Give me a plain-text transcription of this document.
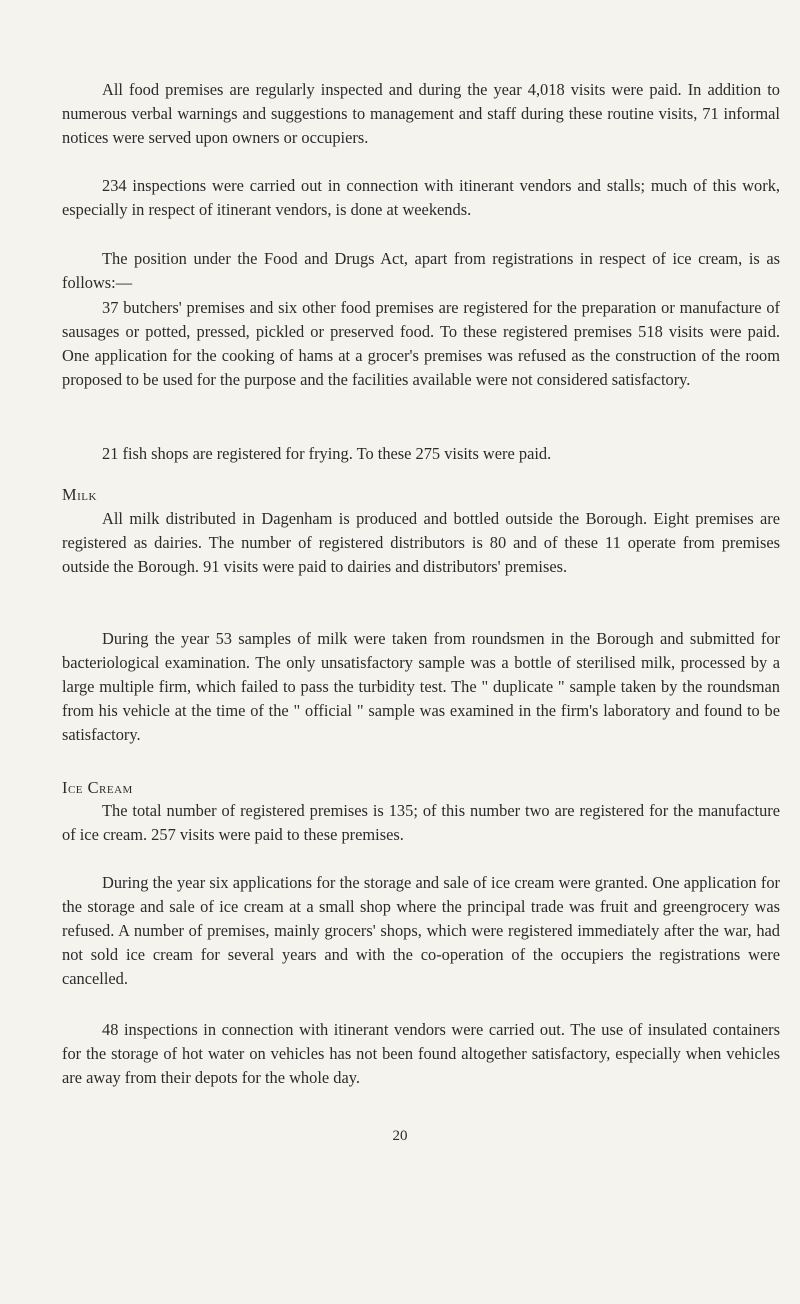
All food premises are regularly inspected and during the year 4,018 visits were paid. In addition to numerous verbal warnings and suggestions to management and staff during these routine visits, 71 informal notices were served upon owners or occupiers.

234 inspections were carried out in connection with itinerant vendors and stalls; much of this work, especially in respect of itinerant vendors, is done at weekends.

The position under the Food and Drugs Act, apart from registrations in respect of ice cream, is as follows:—

37 butchers' premises and six other food premises are registered for the preparation or manufacture of sausages or potted, pressed, pickled or preserved food. To these registered premises 518 visits were paid. One application for the cooking of hams at a grocer's premises was refused as the construction of the room proposed to be used for the purpose and the facilities available were not considered satisfactory.

21 fish shops are registered for frying. To these 275 visits were paid.

Milk

All milk distributed in Dagenham is produced and bottled outside the Borough. Eight premises are registered as dairies. The number of registered distributors is 80 and of these 11 operate from premises outside the Borough. 91 visits were paid to dairies and distributors' premises.

During the year 53 samples of milk were taken from roundsmen in the Borough and submitted for bacteriological examination. The only unsatisfactory sample was a bottle of sterilised milk, processed by a large multiple firm, which failed to pass the turbidity test. The " duplicate " sample taken by the roundsman from his vehicle at the time of the " official " sample was examined in the firm's laboratory and found to be satisfactory.

Ice Cream

The total number of registered premises is 135; of this number two are registered for the manufacture of ice cream. 257 visits were paid to these premises.

During the year six applications for the storage and sale of ice cream were granted. One application for the storage and sale of ice cream at a small shop where the principal trade was fruit and greengrocery was refused. A number of premises, mainly grocers' shops, which were registered immediately after the war, had not sold ice cream for several years and with the co-operation of the occupiers the registrations were cancelled.

48 inspections in connection with itinerant vendors were carried out. The use of insulated containers for the storage of hot water on vehicles has not been found altogether satisfactory, especially when vehicles are away from their depots for the whole day.

20
